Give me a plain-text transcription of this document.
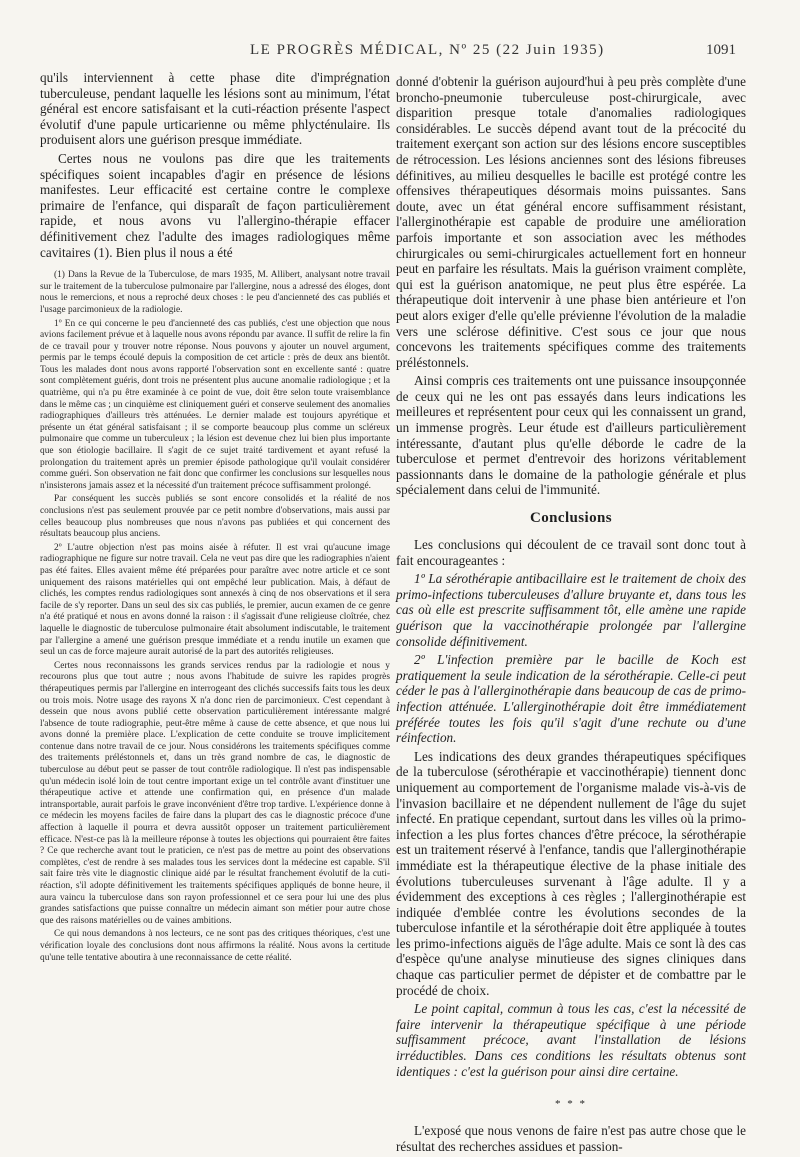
LE PROGRÈS MÉDICAL, Nº 25 (22 Juin 1935)	1091

qu'ils interviennent à cette phase dite d'imprégnation tuberculeuse, pendant laquelle les lésions sont au minimum, l'état général est encore satisfaisant et la cuti-réaction présente l'aspect évolutif d'une papule urticarienne ou même phlycténulaire. Ils produisent alors une guérison presque immédiate.

Certes nous ne voulons pas dire que les traitements spécifiques soient incapables d'agir en présence de lésions manifestes. Leur efficacité est certaine contre le complexe primaire de l'enfance, qui disparaît de façon particulièrement rapide, et nous avons vu l'allergino-thérapie effacer définitivement chez l'adulte des images radiologiques même cavitaires (1). Bien plus il nous a été

(1) Dans la Revue de la Tuberculose, de mars 1935, M. Allibert, analysant notre travail sur le traitement de la tuberculose pulmonaire par l'allergine, nous a adressé des éloges, dont nous le remercions, et nous a reproché deux choses : le peu d'ancienneté des cas publiés et l'usage parcimonieux de la radiologie.

1º En ce qui concerne le peu d'ancienneté des cas publiés, c'est une objection que nous avions facilement prévue et à laquelle nous avons répondu par avance. Il suffit de relire la fin de ce travail pour y trouver notre réponse. Nous pouvons y ajouter un nouvel argument, permis par le temps écoulé depuis la composition de cet article : près de deux ans bientôt. Tous les malades dont nous avons rapporté l'observation sont en excellente santé : quatre sont complètement guéris, dont trois ne présentent plus aucune anomalie radiologique ; et la quatrième, qui n'a pu être examinée à ce point de vue, doit être selon toute vraisemblance dans le même cas ; un cinquième est cliniquement guéri et conserve seulement des anomalies radiographiques d'ailleurs très atténuées. Le dernier malade est toujours apyrétique et présente un état général satisfaisant ; il se comporte beaucoup plus comme un scléreux pulmonaire que comme un tuberculeux ; la lésion est devenue chez lui bien plus importante que son étiologie bacillaire. Il s'agit de ce sujet traité tardivement et ayant refusé la prolongation du traitement après un premier épisode pathologique qu'il voulait considérer comme guéri. Son observation ne fait donc que confirmer les conclusions sur lesquelles nous n'insisterons jamais assez et la nécessité d'un traitement précoce suffisamment prolongé.

Par conséquent les succès publiés se sont encore consolidés et la réalité de nos conclusions n'est pas seulement prouvée par ce petit nombre d'observations, mais aussi par celles beaucoup plus nombreuses que nous n'avons pas publiées et qui concernent des résultats beaucoup plus anciens.

2º L'autre objection n'est pas moins aisée à réfuter. Il est vrai qu'aucune image radiographique ne figure sur notre travail. Cela ne veut pas dire que les radiographies n'aient pas été faites. Elles avaient même été préparées pour paraître avec notre article et ce sont uniquement des raisons matérielles qui ont empêché leur publication. Mais, à défaut de clichés, les comptes rendus radiologiques sont annexés à cinq de nos observations et il sera facile de s'y reporter. Dans un seul des six cas publiés, le premier, aucun examen de ce genre n'a été pratiqué et nous en avons donné la raison : il s'agissait d'une religieuse cloîtrée, chez laquelle le diagnostic de tuberculose pulmonaire était absolument indiscutable, le traitement par l'allergine a amené une guérison presque immédiate et a rendu inutile un examen que seul un cas de force majeure aurait autorisé de la part des autorités religieuses.

Certes nous reconnaissons les grands services rendus par la radiologie et nous y recourons plus que tout autre ; nous avons l'habitude de suivre les rapides progrès thérapeutiques permis par l'allergine en interrogeant des clichés successifs faits tous les deux ou trois mois. Notre usage des rayons X n'a donc rien de parcimonieux. C'est cependant à dessein que nous avons publié cette observation particulièrement intéressante malgré l'absence de toute radiographie, peut-être même à cause de cette absence, et que nous lui avons donné la première place. L'explication de cette conduite se trouve implicitement contenue dans notre travail de ce jour. Nous considérons les traitements spécifiques comme des traitements préléstonnels et, dans un très grand nombre de cas, le diagnostic de tuberculose au début peut se passer de tout contrôle radiologique. Il n'est pas indispensable qu'un médecin isolé loin de tout centre important exige un tel contrôle avant d'instituer une thérapeutique active et attende une confirmation qui, en présence d'un malade intransportable, aurait parfois le grave inconvénient d'être trop tardive. L'expérience donne à ce médecin les moyens faciles de faire dans la plupart des cas le diagnostic précoce d'une affection à laquelle il pourra et devra aussitôt opposer un traitement particulièrement efficace. N'est-ce pas là la meilleure réponse à toutes les objections qui pourraient être faites ? Ce que recherche avant tout le praticien, ce n'est pas de mettre au point des observations complètes, c'est de rendre à ses malades tous les services dont la médecine est capable. S'il sait faire très vite le diagnostic clinique aidé par le résultat franchement évolutif de la cuti-réaction, s'il adopte définitivement les traitements spécifiques appliqués de bonne heure, il aura vaincu la tuberculose dans son rayon professionnel et ce sera pour lui une des plus grandes satisfactions que puisse connaître un médecin aimant son métier pour autre chose que des raisons matérielles ou de vaines ambitions.

Ce qui nous demandons à nos lecteurs, ce ne sont pas des critiques théoriques, c'est une vérification loyale des conclusions dont nous affirmons la réalité. Nous avons la certitude qu'une telle tentative aboutira à une reconnaissance de cette réalité.

donné d'obtenir la guérison aujourd'hui à peu près complète d'une broncho-pneumonie tuberculeuse post-chirurgicale, avec disparition presque totale d'anomalies radiologiques considérables. Le succès dépend avant tout de la précocité du traitement exerçant son action sur des lésions encore susceptibles de rétrocession. Les lésions anciennes sont des lésions fibreuses définitives, au milieu desquelles le bacille est protégé contre les offensives thérapeutiques désormais moins puissantes. Sans doute, avec un état général encore suffisamment résistant, l'allerginothérapie est capable de produire une amélioration parfois importante et son association avec les méthodes chirurgicales ou semi-chirurgicales actuellement fort en honneur peut en parfaire les résultats. Mais la guérison vraiment complète, qui est la guérison anatomique, ne peut plus être espérée. La thérapeutique doit intervenir à une phase bien antérieure et l'on peut alors exiger d'elle qu'elle prévienne l'évolution de la maladie vers une sclérose définitive. C'est sous ce jour que nous concevons les traitements spécifiques comme des traitements préléstonnels.

Ainsi compris ces traitements ont une puissance insoupçonnée de ceux qui ne les ont pas essayés dans leurs indications les meilleures et représentent pour ceux qui les connaissent un grand, un immense progrès. Leur étude est d'ailleurs particulièrement intéressante, d'autant plus qu'elle déborde le cadre de la tuberculose et permet d'entrevoir des horizons véritablement passionnants dans le domaine de la pathologie générale et plus spécialement dans celui de l'immunité.

Conclusions

Les conclusions qui découlent de ce travail sont donc tout à fait encourageantes :

1º La sérothérapie antibacillaire est le traitement de choix des primo-infections tuberculeuses d'allure bruyante et, dans tous les cas où elle est prescrite suffisamment tôt, elle amène une rapide guérison que la vaccinothérapie prolongée par l'allergine consolide définitivement.

2º L'infection première par le bacille de Koch est pratiquement la seule indication de la sérothérapie. Celle-ci peut céder le pas à l'allerginothérapie dans beaucoup de cas de primo-infection atténuée. L'allerginothérapie doit être immédiatement préférée toutes les fois qu'il s'agit d'une rechute ou d'une réinfection.

Les indications des deux grandes thérapeutiques spécifiques de la tuberculose (sérothérapie et vaccinothérapie) tiennent donc uniquement au comportement de l'organisme malade vis-à-vis de l'invasion bacillaire et ne dépendent nullement de l'âge du sujet infecté. En pratique cependant, surtout dans les villes où la primo-infection a les plus fortes chances d'être précoce, la sérothérapie est un traitement réservé à l'enfance, tandis que l'allerginothérapie immédiate est la thérapeutique élective de la phase initiale des évolutions tuberculeuses survenant à l'âge adulte. Il y a évidemment des exceptions à ces règles ; l'allerginothérapie est indiquée d'emblée contre les évolutions secondes de la tuberculose infantile et la sérothérapie doit être appliquée à toutes les primo-infections aiguës de l'âge adulte. Mais ce sont là des cas d'espèce qu'une analyse minutieuse des signes cliniques dans chaque cas particulier permet de dépister et de combattre par le procédé de choix.

Le point capital, commun à tous les cas, c'est la nécessité de faire intervenir la thérapeutique spécifique à une période suffisamment précoce, avant l'installation de lésions irréductibles. Dans ces conditions les résultats obtenus sont identiques : c'est la guérison pour ainsi dire certaine.

* * *

L'exposé que nous venons de faire n'est pas autre chose que le résultat des recherches assidues et passion-
